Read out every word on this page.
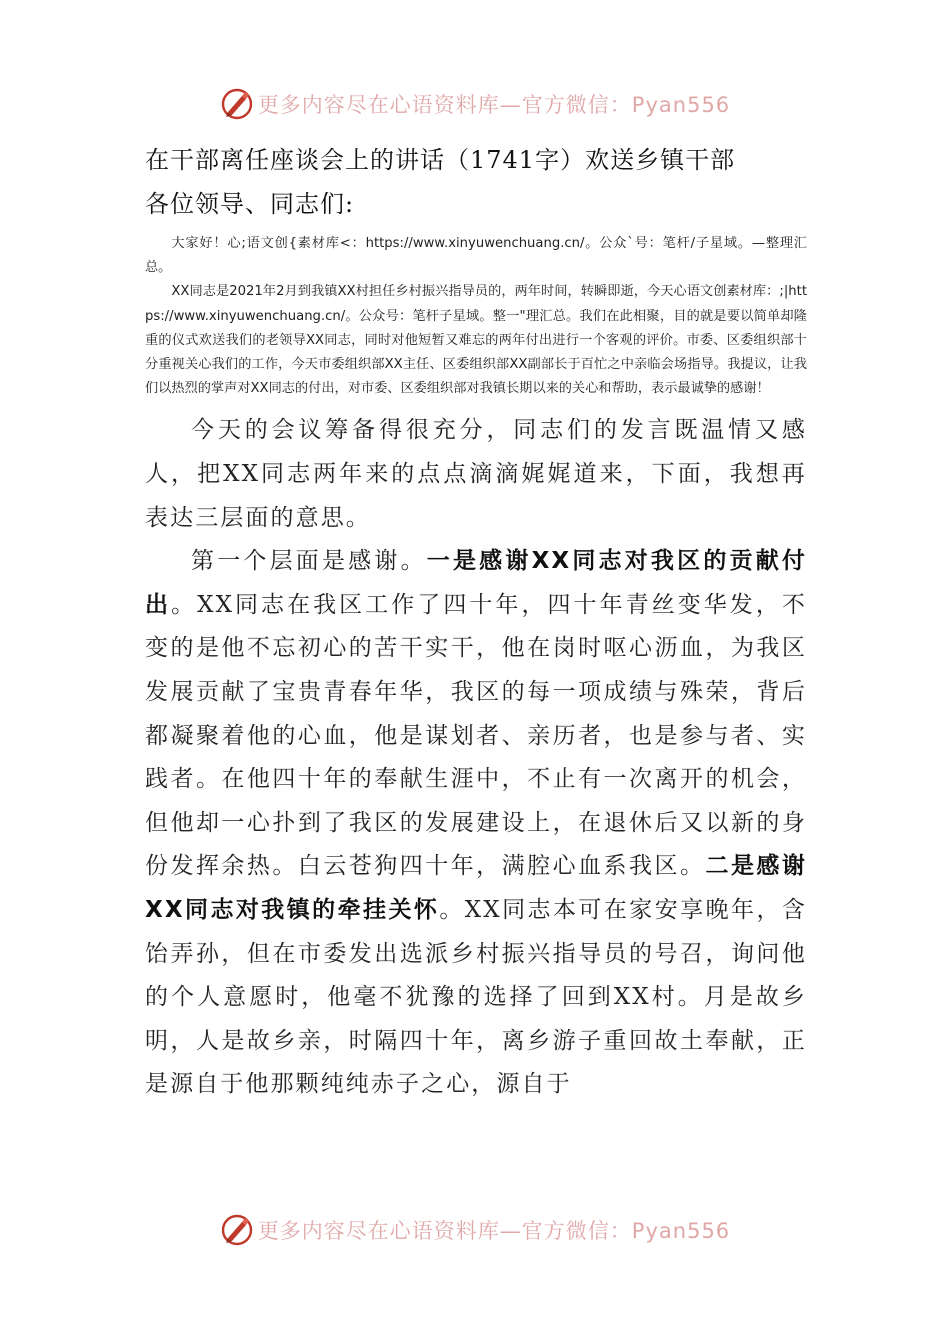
更多内容尽在心语资料库—官方微信：Pyan556
在干部离任座谈会上的讲话（1741字）欢送乡镇干部
各位领导、同志们:

大家好！心;语文创{素材库<：https://www.xinyuwenchuang.cn/。公众`号：笔杆/子星域。—整理汇总。

XX同志是2021年2月到我镇XX村担任乡村振兴指导员的，两年时间，转瞬即逝，今天心语文创素材库：;|https://www.xinyuwenchuang.cn/。公众号：笔杆子星域。整一"理汇总。我们在此相聚，目的就是要以简单却隆重的仪式欢送我们的老领导XX同志，同时对他短暂又难忘的两年付出进行一个客观的评价。市委、区委组织部十分重视关心我们的工作，今天市委组织部XX主任、区委组织部XX副部长于百忙之中亲临会场指导。我提议，让我们以热烈的掌声对XX同志的付出，对市委、区委组织部对我镇长期以来的关心和帮助，表示最诚挚的感谢！

今天的会议筹备得很充分，同志们的发言既温情又感人，把XX同志两年来的点点滴滴娓娓道来，下面，我想再表达三层面的意思。

第一个层面是感谢。一是感谢XX同志对我区的贡献付出。XX同志在我区工作了四十年，四十年青丝变华发，不变的是他不忘初心的苦干实干，他在岗时呕心沥血，为我区发展贡献了宝贵青春年华，我区的每一项成绩与殊荣，背后都凝聚着他的心血，他是谋划者、亲历者，也是参与者、实践者。在他四十年的奉献生涯中，不止有一次离开的机会，但他却一心扑到了我区的发展建设上，在退休后又以新的身份发挥余热。白云苍狗四十年，满腔心血系我区。二是感谢XX同志对我镇的牵挂关怀。XX同志本可在家安享晚年，含饴弄孙，但在市委发出选派乡村振兴指导员的号召，询问他的个人意愿时，他毫不犹豫的选择了回到XX村。月是故乡明，人是故乡亲，时隔四十年，离乡游子重回故土奉献，正是源自于他那颗纯纯赤子之心，源自于

更多内容尽在心语资料库—官方微信：Pyan556
